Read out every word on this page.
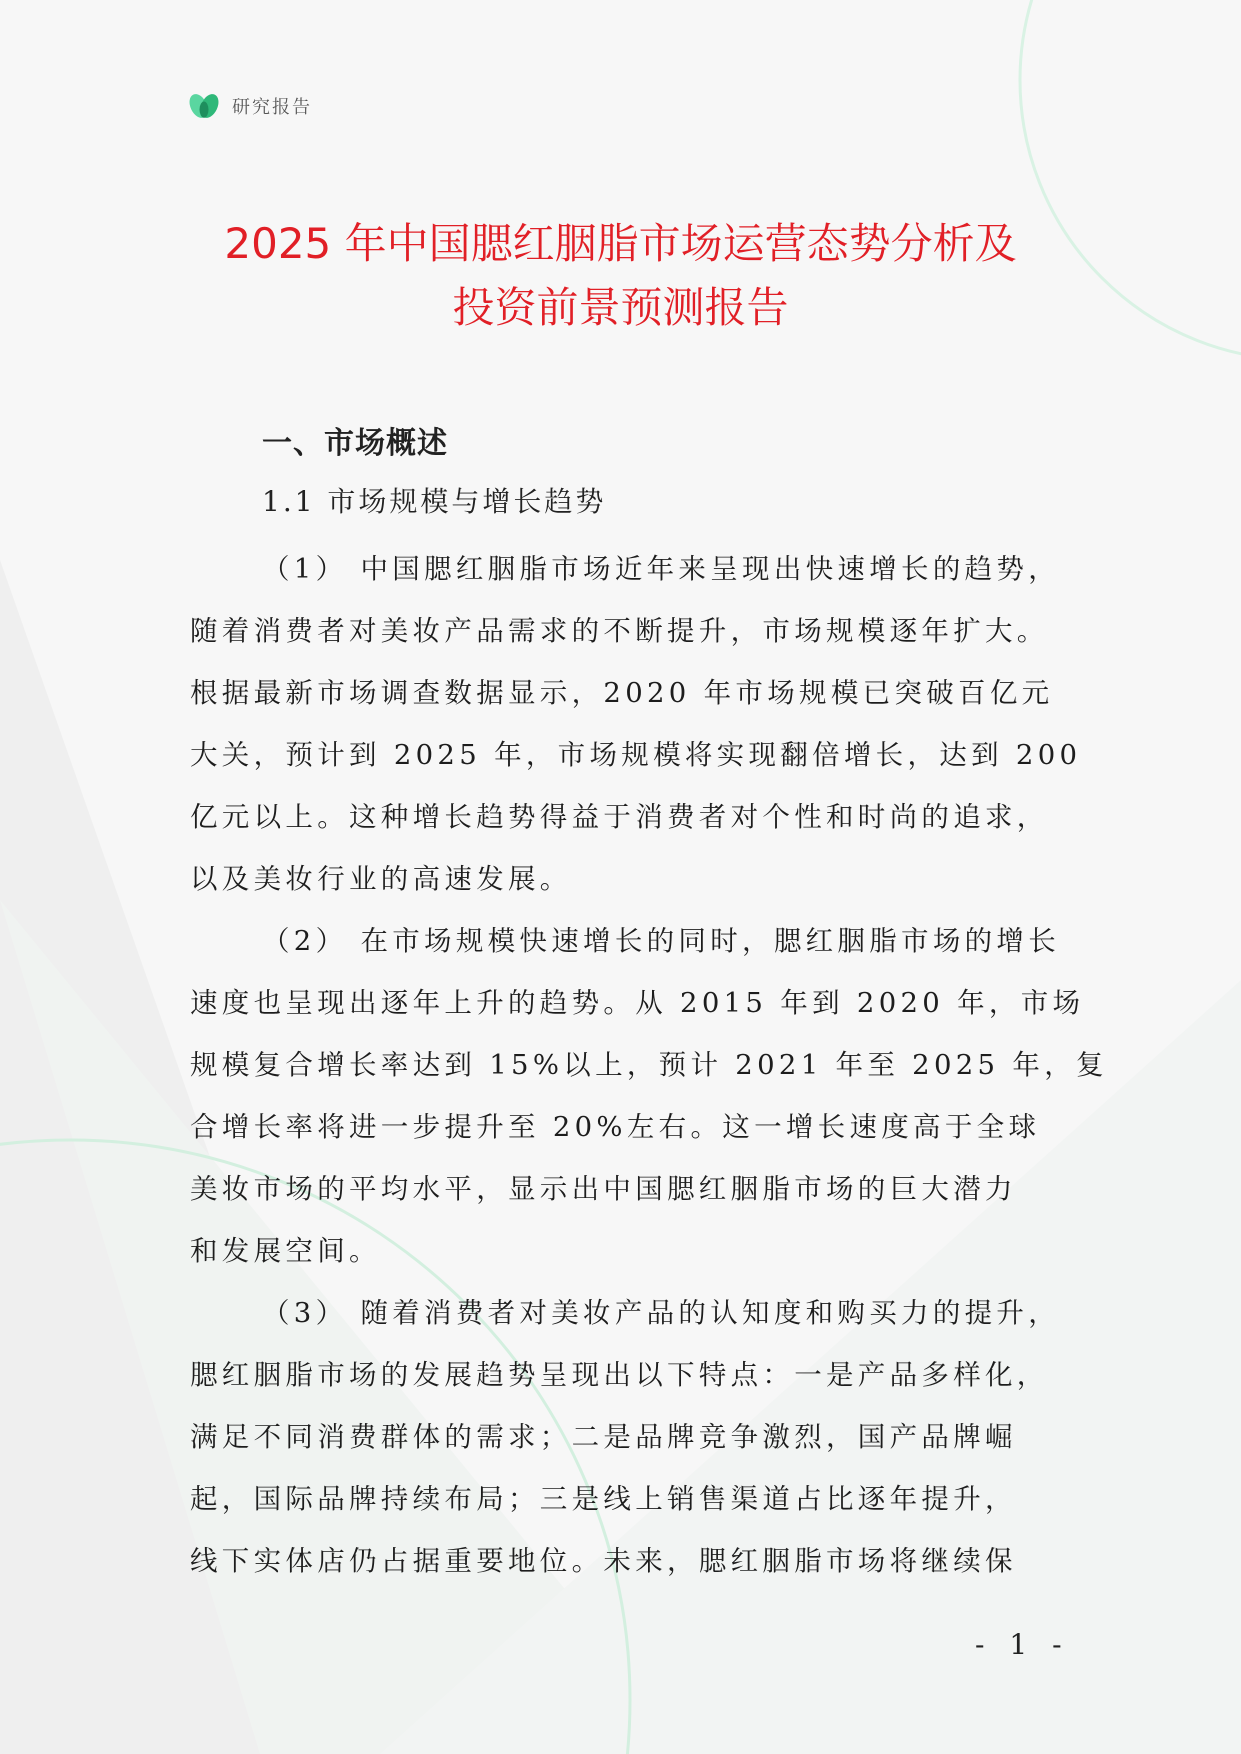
研究报告
2025 年中国腮红胭脂市场运营态势分析及
投资前景预测报告
一、市场概述
1.1 市场规模与增长趋势
（1） 中国腮红胭脂市场近年来呈现出快速增长的趋势，
随着消费者对美妆产品需求的不断提升，市场规模逐年扩大。
根据最新市场调查数据显示，2020 年市场规模已突破百亿元
大关，预计到 2025 年，市场规模将实现翻倍增长，达到 200
亿元以上。这种增长趋势得益于消费者对个性和时尚的追求，
以及美妆行业的高速发展。
（2） 在市场规模快速增长的同时，腮红胭脂市场的增长
速度也呈现出逐年上升的趋势。从 2015 年到 2020 年，市场
规模复合增长率达到 15%以上，预计 2021 年至 2025 年，复
合增长率将进一步提升至 20%左右。这一增长速度高于全球
美妆市场的平均水平，显示出中国腮红胭脂市场的巨大潜力
和发展空间。
（3） 随着消费者对美妆产品的认知度和购买力的提升，
腮红胭脂市场的发展趋势呈现出以下特点：一是产品多样化，
满足不同消费群体的需求；二是品牌竞争激烈，国产品牌崛
起，国际品牌持续布局；三是线上销售渠道占比逐年提升，
线下实体店仍占据重要地位。未来，腮红胭脂市场将继续保
- 1 -
